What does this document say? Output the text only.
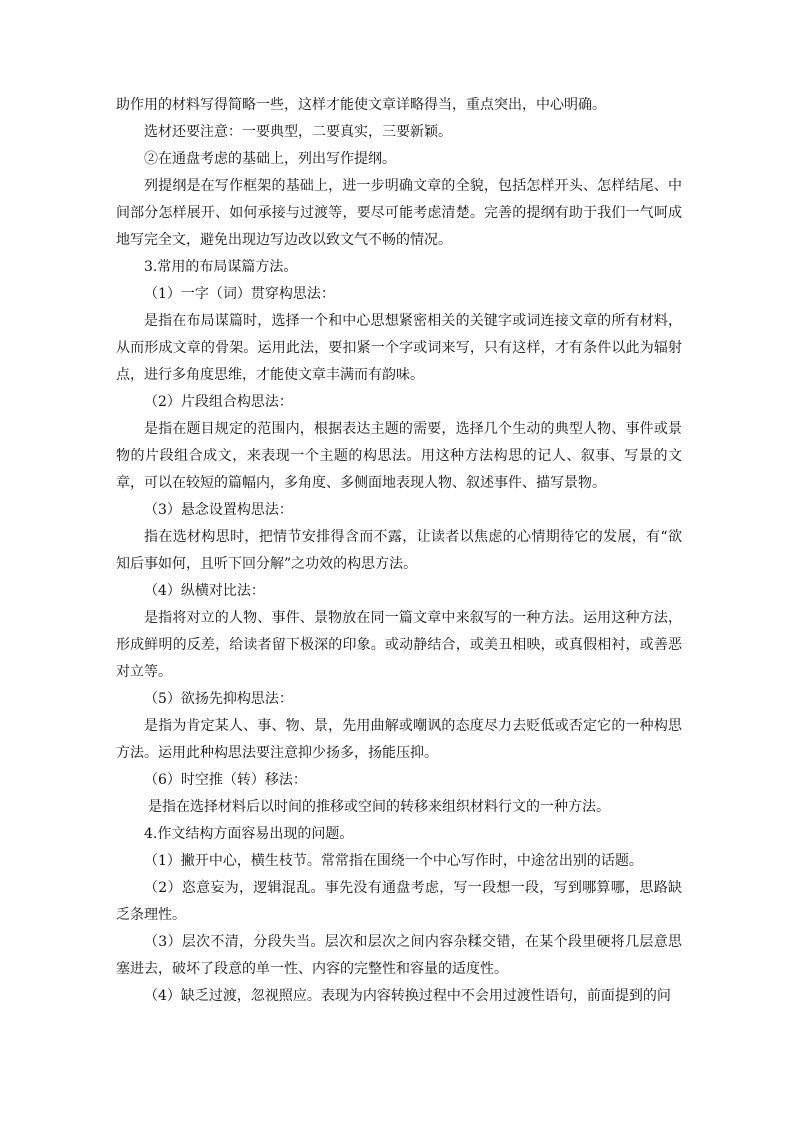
助作用的材料写得简略一些，这样才能使文章详略得当，重点突出，中心明确。

选材还要注意：一要典型，二要真实，三要新颖。

②在通盘考虑的基础上，列出写作提纲。

列提纲是在写作框架的基础上，进一步明确文章的全貌，包括怎样开头、怎样结尾、中间部分怎样展开、如何承接与过渡等，要尽可能考虑清楚。完善的提纲有助于我们一气呵成地写完全文，避免出现边写边改以致文气不畅的情况。

3.常用的布局谋篇方法。

（1）一字（词）贯穿构思法：

是指在布局谋篇时，选择一个和中心思想紧密相关的关键字或词连接文章的所有材料，从而形成文章的骨架。运用此法，要扣紧一个字或词来写，只有这样，才有条件以此为辐射点，进行多角度思维，才能使文章丰满而有韵味。

（2）片段组合构思法：

是指在题目规定的范围内，根据表达主题的需要，选择几个生动的典型人物、事件或景物的片段组合成文，来表现一个主题的构思法。用这种方法构思的记人、叙事、写景的文章，可以在较短的篇幅内，多角度、多侧面地表现人物、叙述事件、描写景物。

（3）悬念设置构思法：

指在选材构思时，把情节安排得含而不露，让读者以焦虑的心情期待它的发展，有“欲知后事如何，且听下回分解”之功效的构思方法。

（4）纵横对比法：

是指将对立的人物、事件、景物放在同一篇文章中来叙写的一种方法。运用这种方法，形成鲜明的反差，给读者留下极深的印象。或动静结合，或美丑相映，或真假相衬，或善恶对立等。

（5）欲扬先抑构思法：

是指为肯定某人、事、物、景，先用曲解或嘲讽的态度尽力去贬低或否定它的一种构思方法。运用此种构思法要注意抑少扬多，扬能压抑。

（6）时空推（转）移法：

是指在选择材料后以时间的推移或空间的转移来组织材料行文的一种方法。

4.作文结构方面容易出现的问题。

（1）撇开中心，横生枝节。常常指在围绕一个中心写作时，中途岔出别的话题。

（2）恣意妄为，逻辑混乱。事先没有通盘考虑，写一段想一段，写到哪算哪，思路缺乏条理性。

（3）层次不清，分段失当。层次和层次之间内容杂糅交错，在某个段里硬将几层意思塞进去，破坏了段意的单一性、内容的完整性和容量的适度性。

（4）缺乏过渡，忽视照应。表现为内容转换过程中不会用过渡性语句，前面提到的问
